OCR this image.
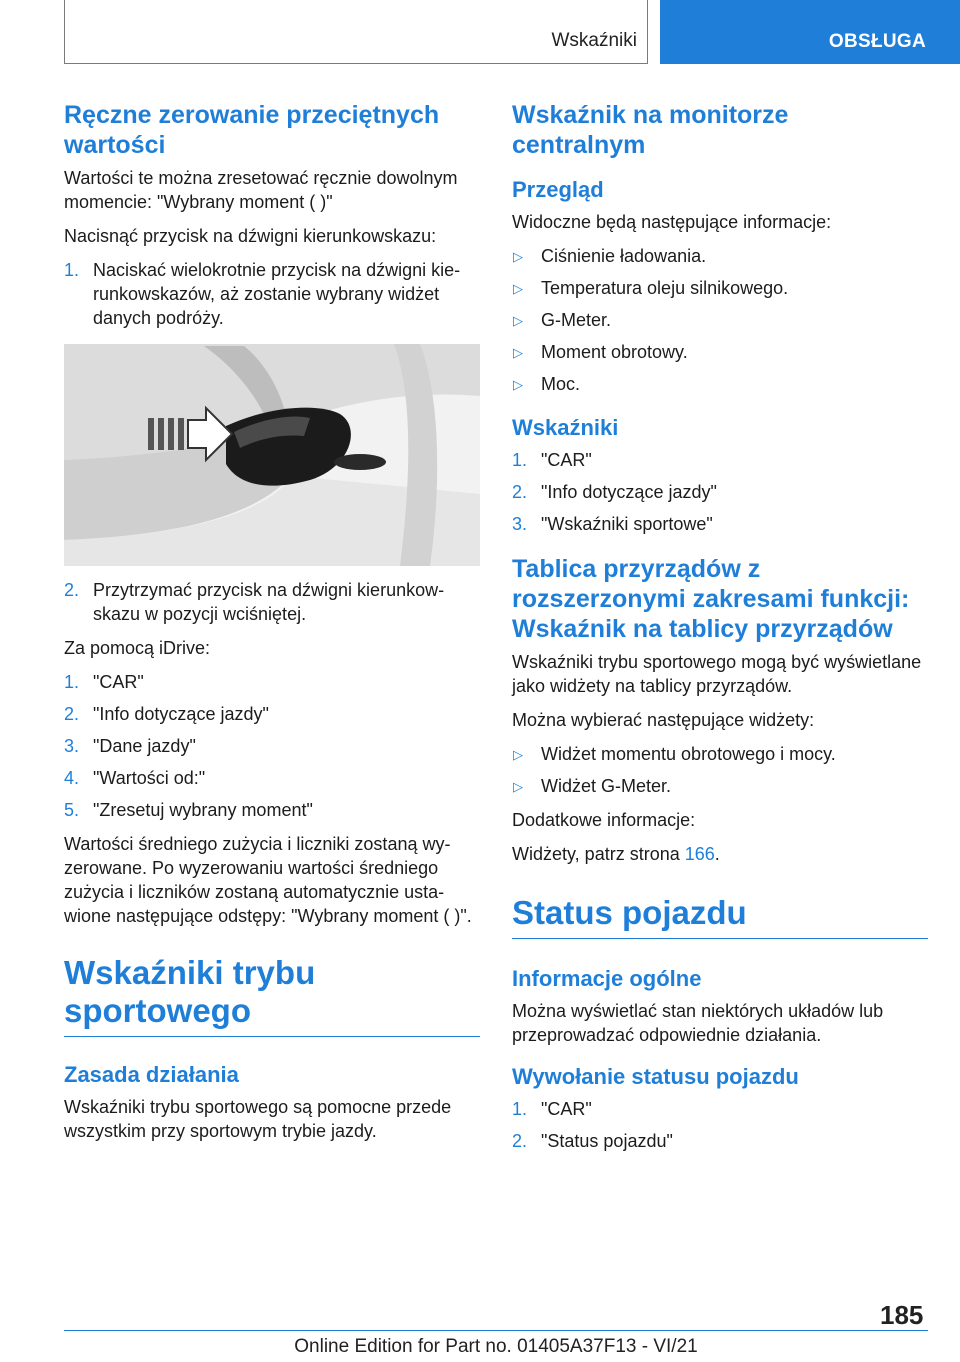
Wskaźniki	OBSŁUGA
Ręczne zerowanie przeciętnych wartości

Wartości te można zresetować ręcznie dowolnym momencie: "Wybrany moment ( )"

Nacisnąć przycisk na dźwigni kierunkowskazu:

1. Naciskać wielokrotnie przycisk na dźwigni kierunkowskazów, aż zostanie wybrany widżet danych podróży.
2. Przytrzymać przycisk na dźwigni kierunkowskazu w pozycji wciśniętej.

Za pomocą iDrive:

1. "CAR"
2. "Info dotyczące jazdy"
3. "Dane jazdy"
4. "Wartości od:"
5. "Zresetuj wybrany moment"

Wartości średniego zużycia i liczniki zostaną wyzerowane. Po wyzerowaniu wartości średniego zużycia i liczników zostaną automatycznie ustawione następujące odstępy: "Wybrany moment ( )".

Wskaźniki trybu sportowego
Zasada działania

Wskaźniki trybu sportowego są pomocne przede wszystkim przy sportowym trybie jazdy.

Wskaźnik na monitorze centralnym
Przegląd

Widoczne będą następujące informacje:

▷ Ciśnienie ładowania.
▷ Temperatura oleju silnikowego.
▷ G-Meter.
▷ Moment obrotowy.
▷ Moc.
Wskaźniki
1. "CAR"
2. "Info dotyczące jazdy"
3. "Wskaźniki sportowe"
Tablica przyrządów z rozszerzonymi zakresami funkcji: Wskaźnik na tablicy przyrządów

Wskaźniki trybu sportowego mogą być wyświetlane jako widżety na tablicy przyrządów.

Można wybierać następujące widżety:

▷ Widżet momentu obrotowego i mocy.
▷ Widżet G-Meter.

Dodatkowe informacje:

Widżety, patrz strona 166.

Status pojazdu
Informacje ogólne

Można wyświetlać stan niektórych układów lub przeprowadzać odpowiednie działania.

Wywołanie statusu pojazdu
1. "CAR"
2. "Status pojazdu"
185
Online Edition for Part no. 01405A37F13 - VI/21
